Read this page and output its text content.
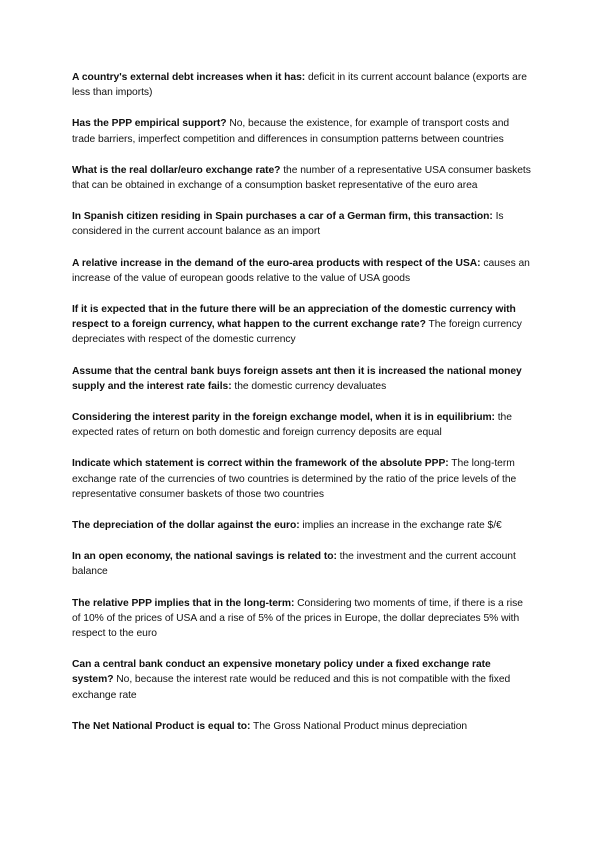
A country's external debt increases when it has: deficit in its current account balance (exports are less than imports)

Has the PPP empirical support? No, because the existence, for example of transport costs and trade barriers, imperfect competition and differences in consumption patterns between countries

What is the real dollar/euro exchange rate? the number of a representative USA consumer baskets that can be obtained in exchange of a consumption basket representative of the euro area

In Spanish citizen residing in Spain purchases a car of a German firm, this transaction: Is considered in the current account balance as an import

A relative increase in the demand of the euro-area products with respect of the USA: causes an increase of the value of european goods relative to the value of USA goods

If it is expected that in the future there will be an appreciation of the domestic currency with respect to a foreign currency, what happen to the current exchange rate? The foreign currency depreciates with respect of the domestic currency

Assume that the central bank buys foreign assets ant then it is increased the national money supply and the interest rate fails: the domestic currency devaluates

Considering the interest parity in the foreign exchange model, when it is in equilibrium: the expected rates of return on both domestic and foreign currency deposits are equal

Indicate which statement is correct within the framework of the absolute PPP: The long-term exchange rate of the currencies of two countries is determined by the ratio of the price levels of the representative consumer baskets of those two countries

The depreciation of the dollar against the euro: implies an increase in the exchange rate $/€

In an open economy, the national savings is related to: the investment and the current account balance

The relative PPP implies that in the long-term: Considering two moments of time, if there is a rise of 10% of the prices of USA and a rise of 5% of the prices in Europe, the dollar depreciates 5% with respect to the euro

Can a central bank conduct an expensive monetary policy under a fixed exchange rate system? No, because the interest rate would be reduced and this is not compatible with the fixed exchange rate

The Net National Product is equal to: The Gross National Product minus depreciation
